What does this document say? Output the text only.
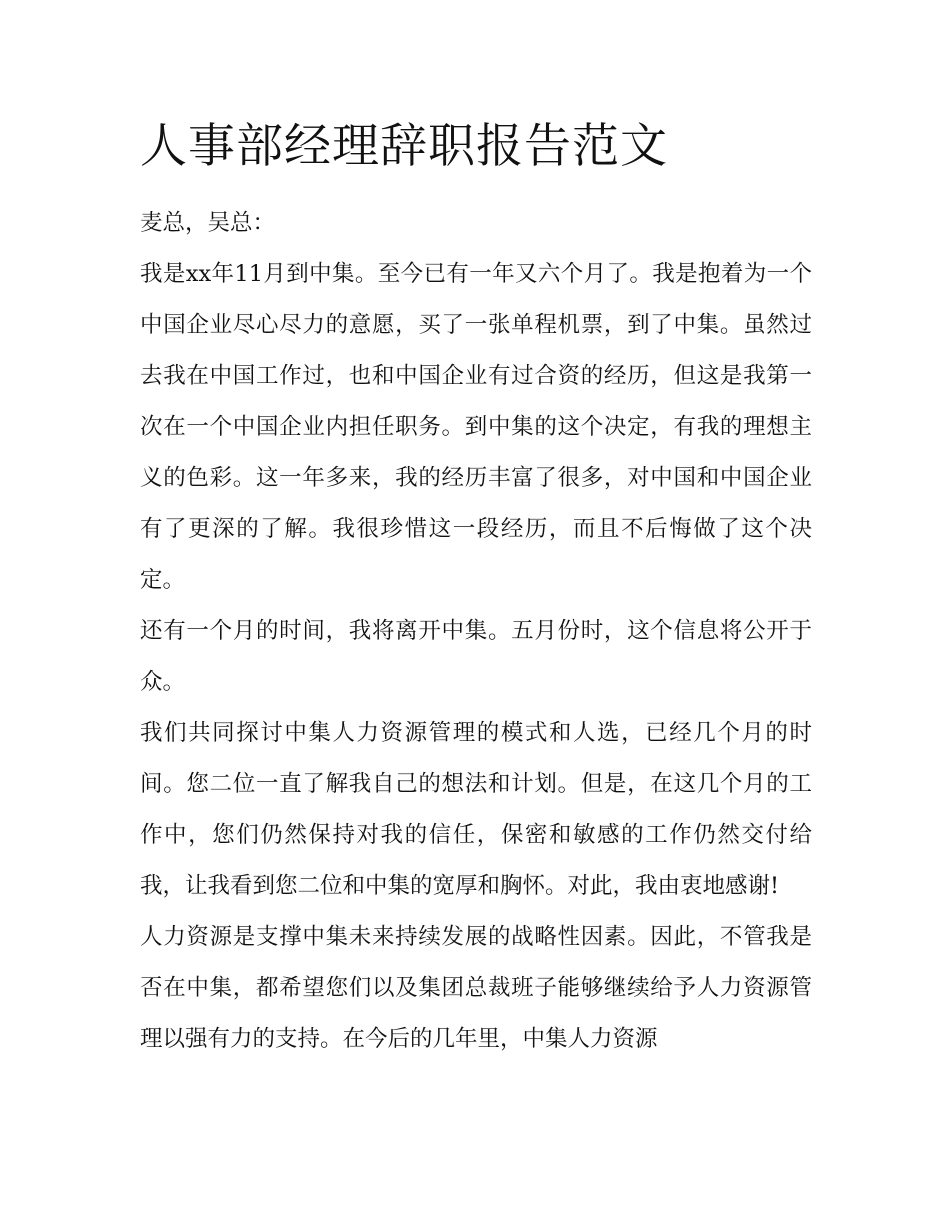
人事部经理辞职报告范文

麦总，吴总：

我是xx年11月到中集。至今已有一年又六个月了。我是抱着为一个中国企业尽心尽力的意愿，买了一张单程机票，到了中集。虽然过去我在中国工作过，也和中国企业有过合资的经历，但这是我第一次在一个中国企业内担任职务。到中集的这个决定，有我的理想主义的色彩。这一年多来，我的经历丰富了很多，对中国和中国企业有了更深的了解。我很珍惜这一段经历，而且不后悔做了这个决定。

还有一个月的时间，我将离开中集。五月份时，这个信息将公开于众。

我们共同探讨中集人力资源管理的模式和人选，已经几个月的时间。您二位一直了解我自己的想法和计划。但是，在这几个月的工作中，您们仍然保持对我的信任，保密和敏感的工作仍然交付给我，让我看到您二位和中集的宽厚和胸怀。对此，我由衷地感谢!

人力资源是支撑中集未来持续发展的战略性因素。因此，不管我是否在中集，都希望您们以及集团总裁班子能够继续给予人力资源管理以强有力的支持。在今后的几年里，中集人力资源
